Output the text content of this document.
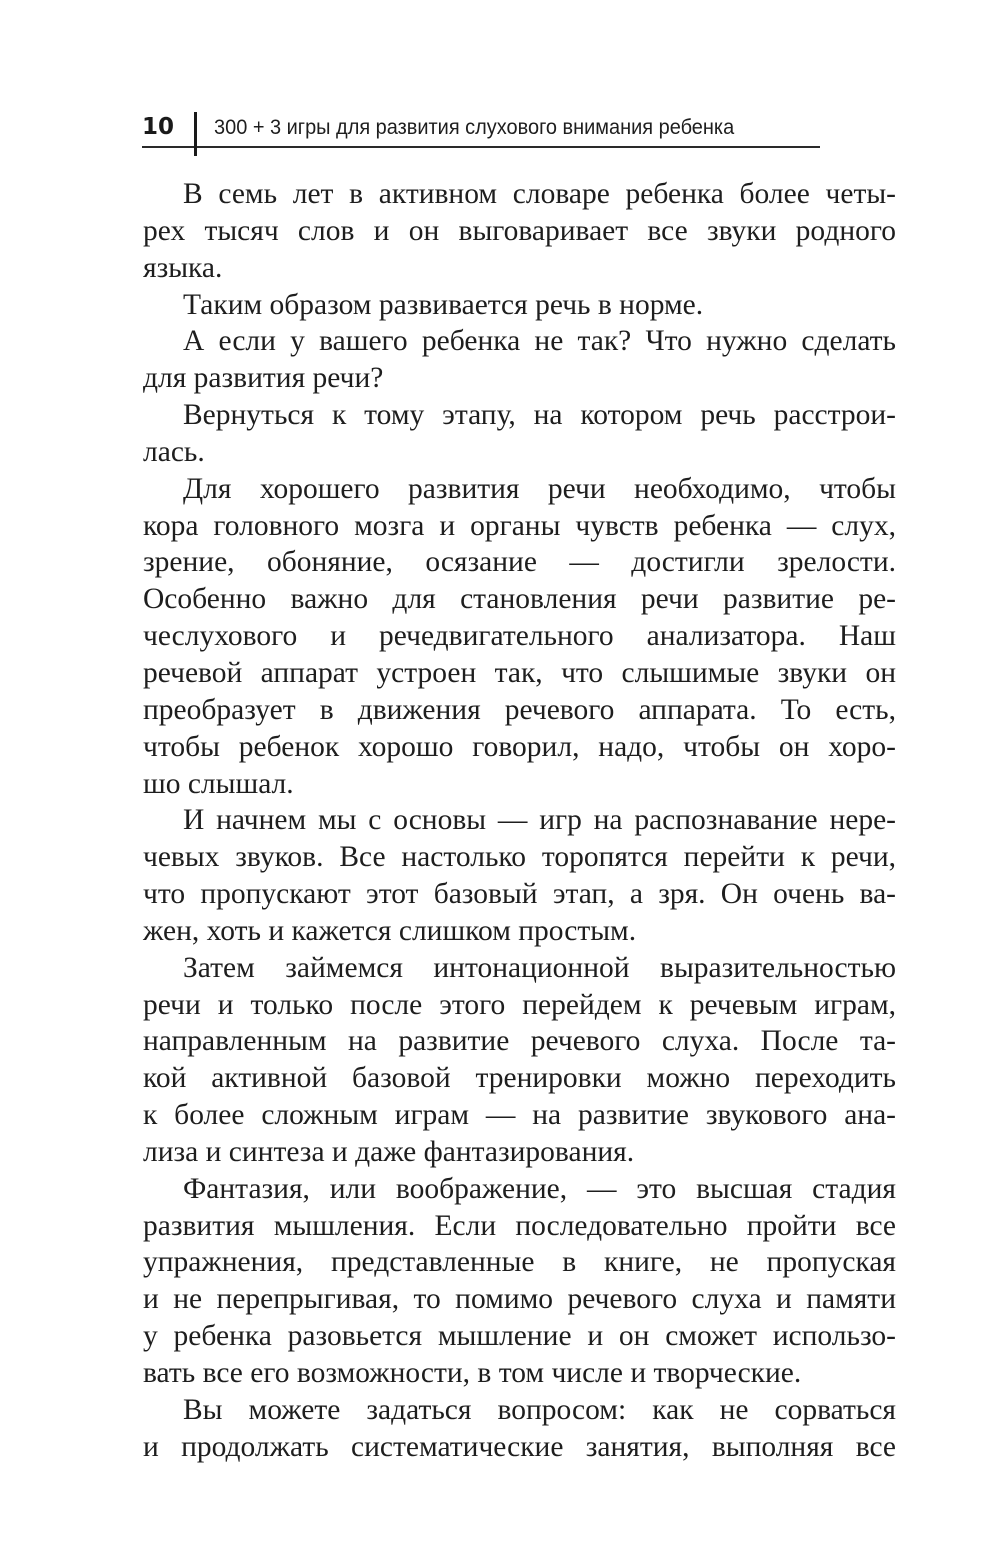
10 300 + 3 игры для развития слухового внимания ребенка

В семь лет в активном словаре ребенка более четы-
рех тысяч слов и он выговаривает все звуки родного
языка.

Таким образом развивается речь в норме.

А если у вашего ребенка не так? Что нужно сделать
для развития речи?

Вернуться к тому этапу, на котором речь расстрои-
лась.

Для хорошего развития речи необходимо, чтобы
кора головного мозга и органы чувств ребенка — слух,
зрение, обоняние, осязание — достигли зрелости.
Особенно важно для становления речи развитие ре-
чеслухового и речедвигательного анализатора. Наш
речевой аппарат устроен так, что слышимые звуки он
преобразует в движения речевого аппарата. То есть,
чтобы ребенок хорошо говорил, надо, чтобы он хоро-
шо слышал.

И начнем мы с основы — игр на распознавание нере-
чевых звуков. Все настолько торопятся перейти к речи,
что пропускают этот базовый этап, а зря. Он очень ва-
жен, хоть и кажется слишком простым.

Затем займемся интонационной выразительностью
речи и только после этого перейдем к речевым играм,
направленным на развитие речевого слуха. После та-
кой активной базовой тренировки можно переходить
к более сложным играм — на развитие звукового ана-
лиза и синтеза и даже фантазирования.

Фантазия, или воображение, — это высшая стадия
развития мышления. Если последовательно пройти все
упражнения, представленные в книге, не пропуская
и не перепрыгивая, то помимо речевого слуха и памяти
у ребенка разовьется мышление и он сможет использо-
вать все его возможности, в том числе и творческие.

Вы можете задаться вопросом: как не сорваться
и продолжать систематические занятия, выполняя все
